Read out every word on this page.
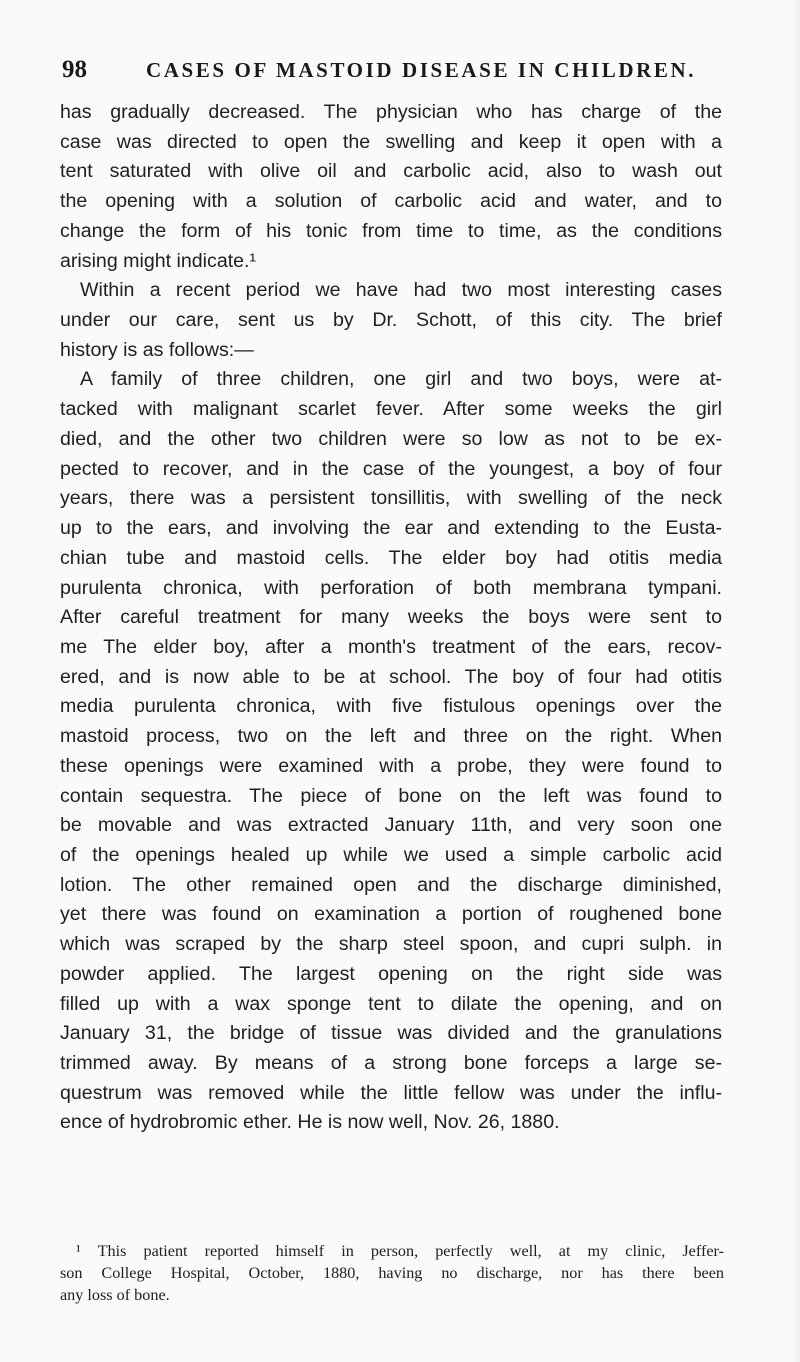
98	CASES OF MASTOID DISEASE IN CHILDREN.
has gradually decreased. The physician who has charge of the
case was directed to open the swelling and keep it open with a
tent saturated with olive oil and carbolic acid, also to wash out
the opening with a solution of carbolic acid and water, and to
change the form of his tonic from time to time, as the conditions
arising might indicate.¹
Within a recent period we have had two most interesting cases
under our care, sent us by Dr. Schott, of this city. The brief
history is as follows:—
A family of three children, one girl and two boys, were at-
tacked with malignant scarlet fever. After some weeks the girl
died, and the other two children were so low as not to be ex-
pected to recover, and in the case of the youngest, a boy of four
years, there was a persistent tonsillitis, with swelling of the neck
up to the ears, and involving the ear and extending to the Eusta-
chian tube and mastoid cells. The elder boy had otitis media
purulenta chronica, with perforation of both membrana tympani.
After careful treatment for many weeks the boys were sent to
me The elder boy, after a month's treatment of the ears, recov-
ered, and is now able to be at school. The boy of four had otitis
media purulenta chronica, with five fistulous openings over the
mastoid process, two on the left and three on the right. When
these openings were examined with a probe, they were found to
contain sequestra. The piece of bone on the left was found to
be movable and was extracted January 11th, and very soon one
of the openings healed up while we used a simple carbolic acid
lotion. The other remained open and the discharge diminished,
yet there was found on examination a portion of roughened bone
which was scraped by the sharp steel spoon, and cupri sulph. in
powder applied. The largest opening on the right side was
filled up with a wax sponge tent to dilate the opening, and on
January 31, the bridge of tissue was divided and the granulations
trimmed away. By means of a strong bone forceps a large se-
questrum was removed while the little fellow was under the influ-
ence of hydrobromic ether. He is now well, Nov. 26, 1880.
¹ This patient reported himself in person, perfectly well, at my clinic, Jeffer-
son College Hospital, October, 1880, having no discharge, nor has there been
any loss of bone.
